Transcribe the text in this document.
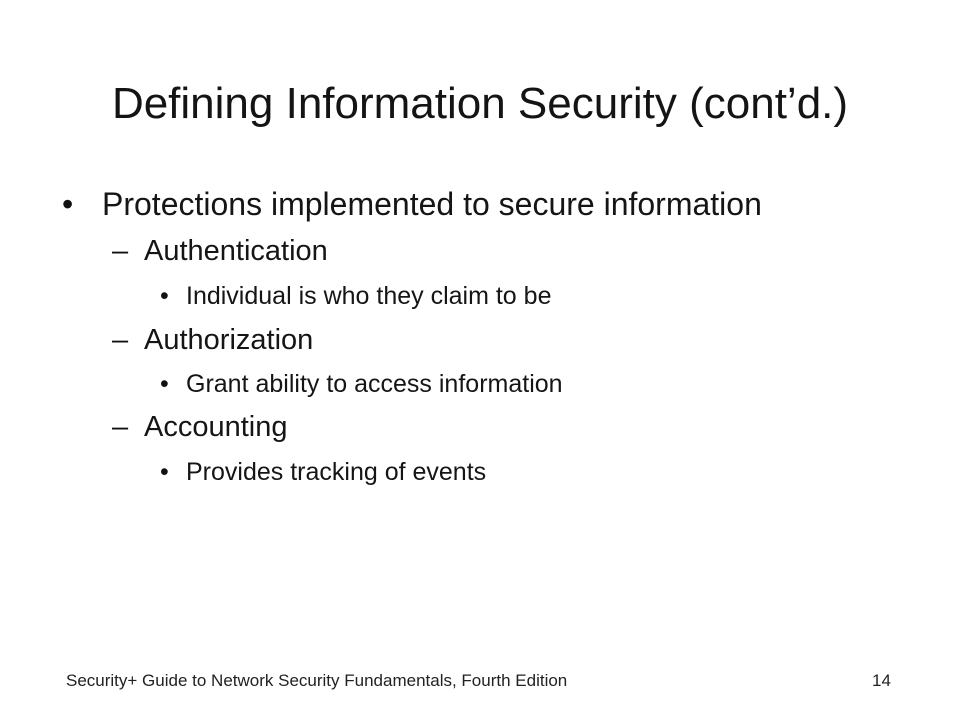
Defining Information Security (cont’d.)
• Protections implemented to secure information
– Authentication
• Individual is who they claim to be
– Authorization
• Grant ability to access information
– Accounting
• Provides tracking of events
Security+ Guide to Network Security Fundamentals, Fourth Edition	14
